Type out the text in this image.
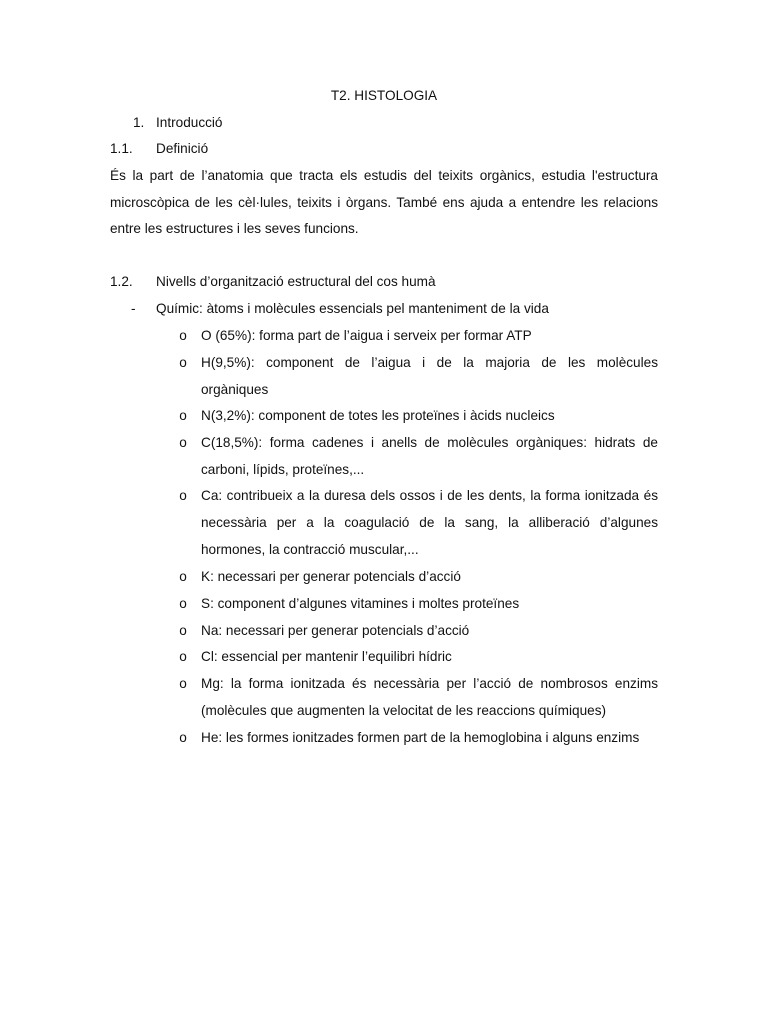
T2. HISTOLOGIA
1. Introducció
1.1. Definició
És la part de l’anatomia que tracta els estudis del teixits orgànics, estudia l'estructura
microscòpica de les cèl·lules, teixits i òrgans. També ens ajuda a entendre les relacions
entre les estructures i les seves funcions.
1.2. Nivells d’organització estructural del cos humà
- Químic: àtoms i molècules essencials pel manteniment de la vida
o O (65%): forma part de l’aigua i serveix per formar ATP
o H(9,5%): component de l’aigua i de la majoria de les molècules
orgàniques
o N(3,2%): component de totes les proteïnes i àcids nucleics
o C(18,5%): forma cadenes i anells de molècules orgàniques: hidrats de
carboni, lípids, proteïnes,...
o Ca: contribueix a la duresa dels ossos i de les dents, la forma ionitzada és
necessària per a la coagulació de la sang, la alliberació d’algunes
hormones, la contracció muscular,...
o K: necessari per generar potencials d’acció
o S: component d’algunes vitamines i moltes proteïnes
o Na: necessari per generar potencials d’acció
o Cl: essencial per mantenir l’equilibri hídric
o Mg: la forma ionitzada és necessària per l’acció de nombrosos enzims
(molècules que augmenten la velocitat de les reaccions químiques)
o He: les formes ionitzades formen part de la hemoglobina i alguns enzims
